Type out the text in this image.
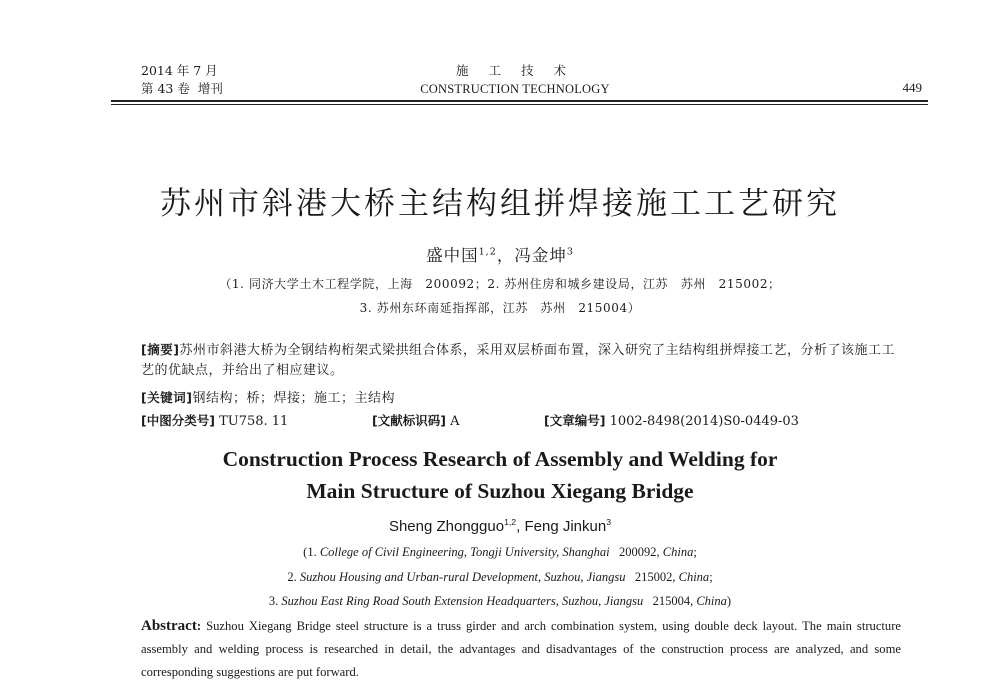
2014 年 7 月
第 43 卷 增刊
施 工 技 术
CONSTRUCTION TECHNOLOGY	449
苏州市斜港大桥主结构组拼焊接施工工艺研究
盛中国$^{1,2}$，冯金坤$^3$
（1. 同济大学土木工程学院，上海　200092；2. 苏州住房和城乡建设局，江苏　苏州　215002；
3. 苏州东环南延指挥部，江苏　苏州　215004）
[摘要]苏州市斜港大桥为全钢结构桁架式梁拱组合体系，采用双层桥面布置，深入研究了主结构组拼焊接工艺，分析了该施工工艺的优缺点，并给出了相应建议。
[关键词]钢结构；桥；焊接；施工；主结构
[中图分类号] TU758. 11	[文献标识码] A	[文章编号] 1002-8498(2014)S0-0449-03
Construction Process Research of Assembly and Welding for
Main Structure of Suzhou Xiegang Bridge
Sheng Zhongguo$^{1,2}$, Feng Jinkun$^3$
(1. College of Civil Engineering, Tongji University, Shanghai 200092, China;
2. Suzhou Housing and Urban-rural Development, Suzhou, Jiangsu 215002, China;
3. Suzhou East Ring Road South Extension Headquarters, Suzhou, Jiangsu 215004, China)
Abstract: Suzhou Xiegang Bridge steel structure is a truss girder and arch combination system, using double deck layout. The main structure assembly and welding process is researched in detail, the advantages and disadvantages of the construction process are analyzed, and some corresponding suggestions are put forward.
